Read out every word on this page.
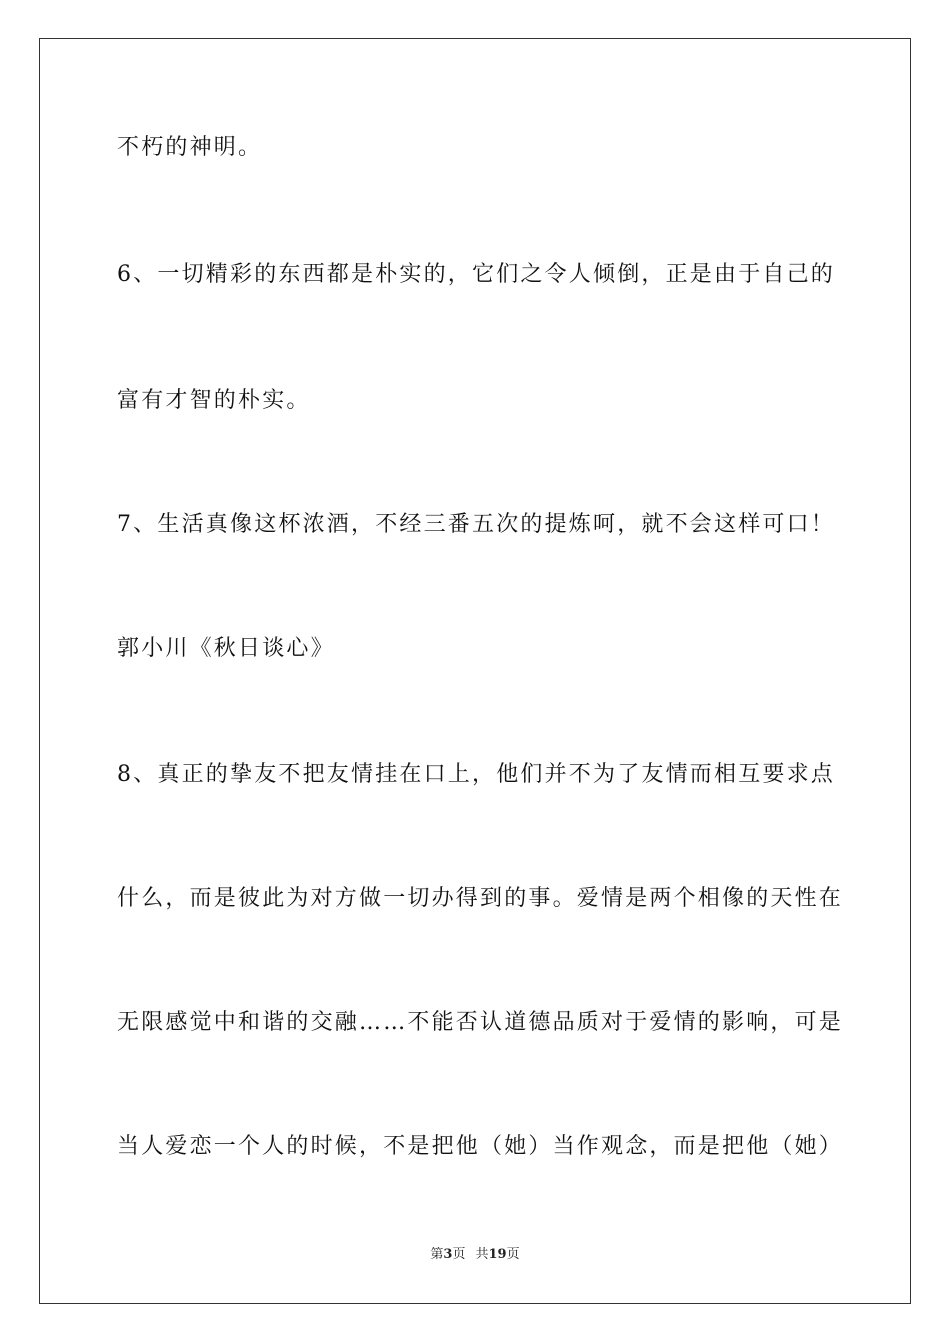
不朽的神明。
6、一切精彩的东西都是朴实的，它们之令人倾倒，正是由于自己的
富有才智的朴实。
7、生活真像这杯浓酒，不经三番五次的提炼呵，就不会这样可口！
郭小川《秋日谈心》
8、真正的挚友不把友情挂在口上，他们并不为了友情而相互要求点
什么，而是彼此为对方做一切办得到的事。爱情是两个相像的天性在
无限感觉中和谐的交融……不能否认道德品质对于爱情的影响，可是
当人爱恋一个人的时候，不是把他（她）当作观念，而是把他（她）
第3页 共19页
